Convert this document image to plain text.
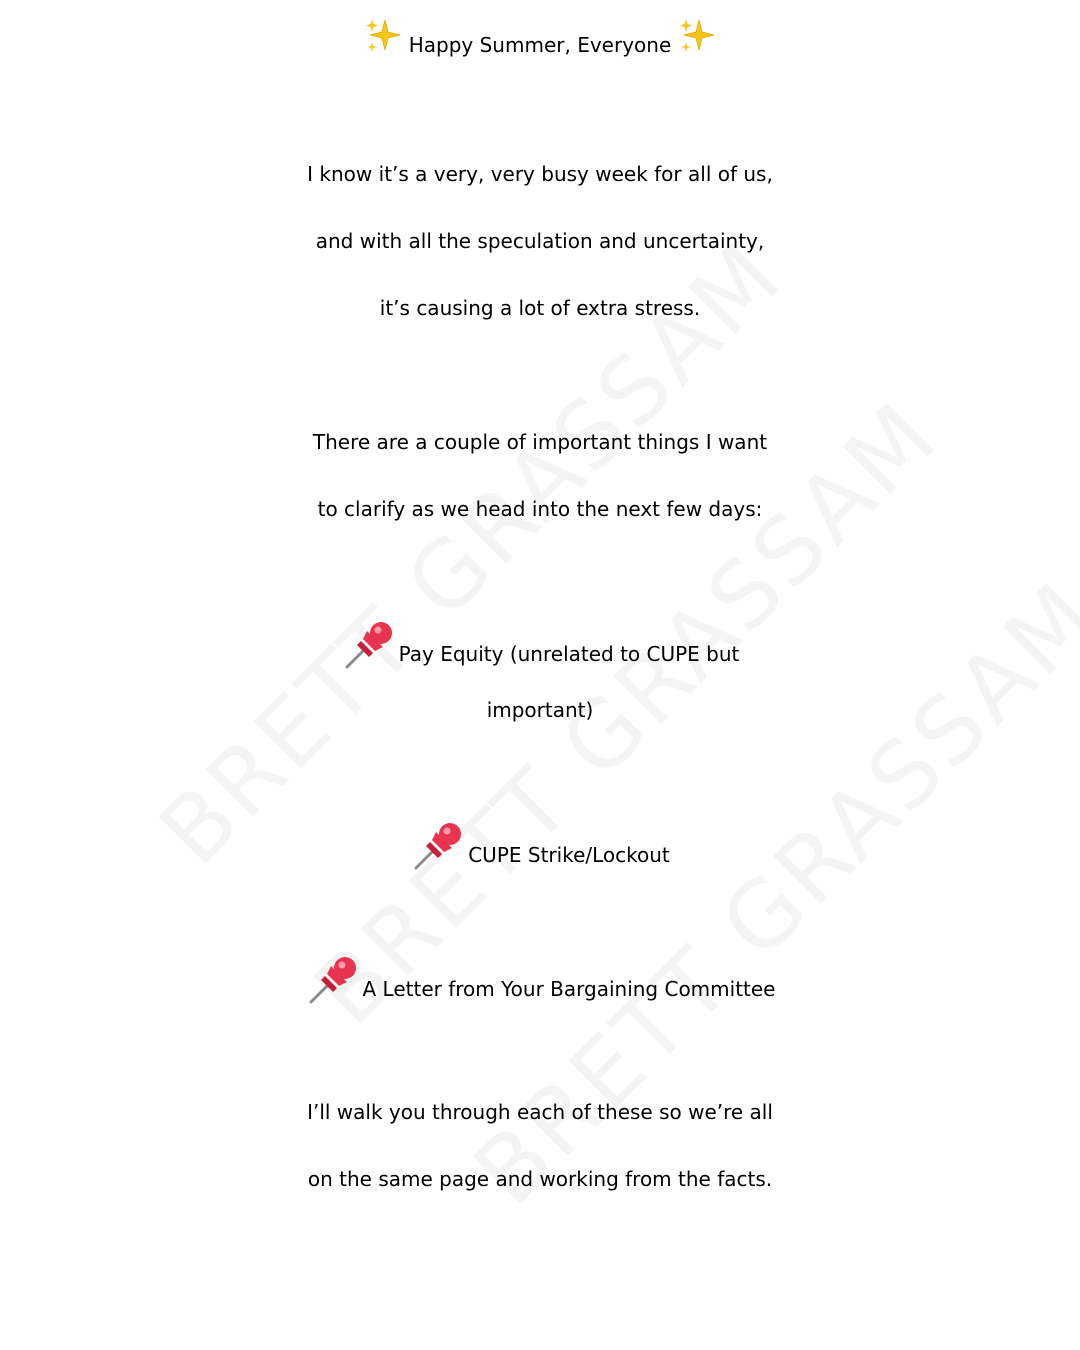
Happy Summer, Everyone
I know it’s a very, very busy week for all of us,
and with all the speculation and uncertainty,
it’s causing a lot of extra stress.
There are a couple of important things I want
to clarify as we head into the next few days:
Pay Equity (unrelated to CUPE but
important)
CUPE Strike/Lockout
A Letter from Your Bargaining Committee
I’ll walk you through each of these so we’re all
on the same page and working from the facts.
